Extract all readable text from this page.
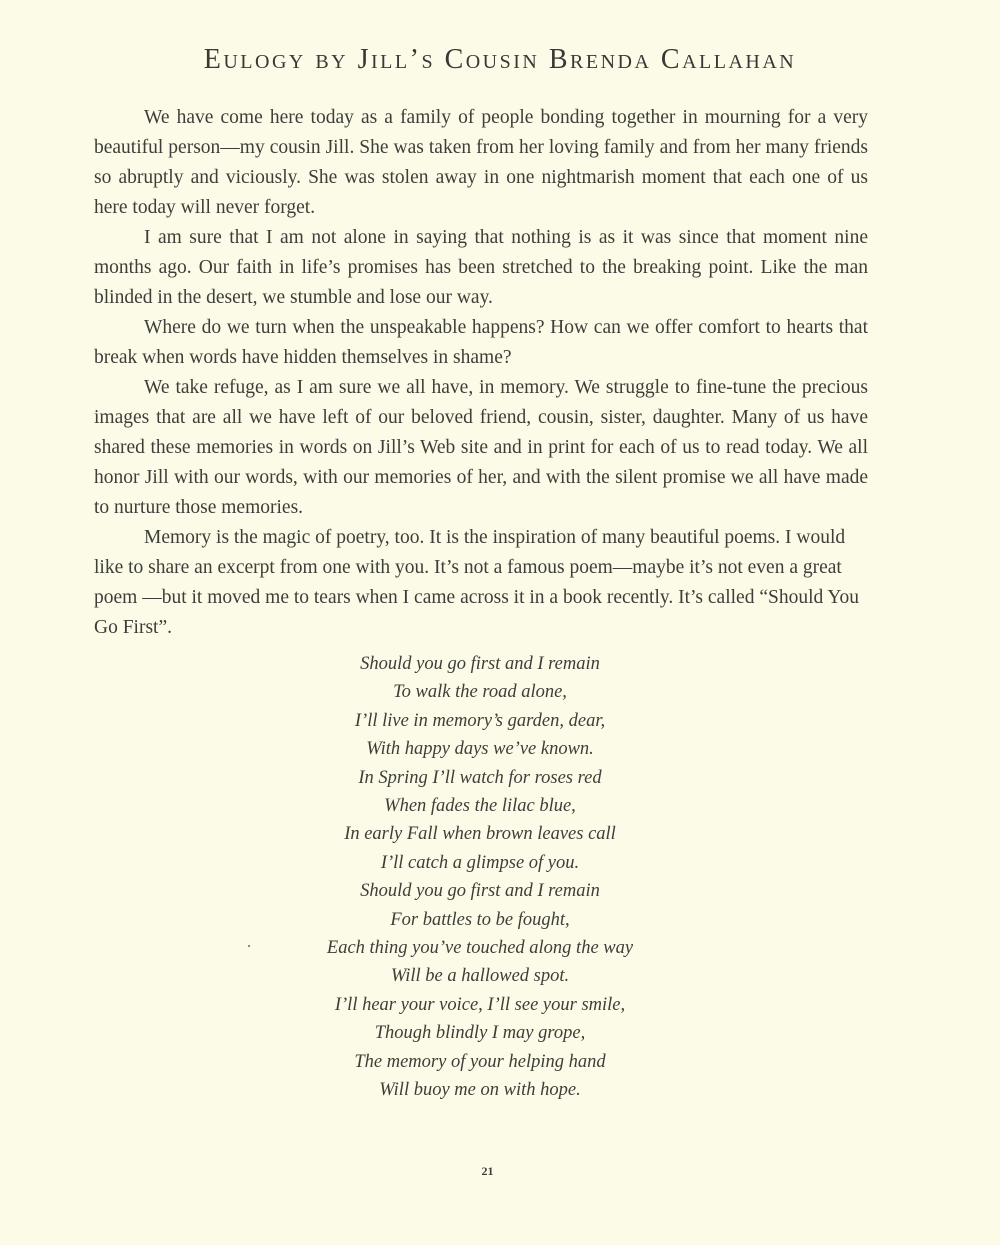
Eulogy by Jill’s Cousin Brenda Callahan

We have come here today as a family of people bonding together in mourning for a very beautiful person—my cousin Jill. She was taken from her loving family and from her many friends so abruptly and viciously. She was stolen away in one nightmarish moment that each one of us here today will never forget.

I am sure that I am not alone in saying that nothing is as it was since that moment nine months ago. Our faith in life’s promises has been stretched to the breaking point. Like the man blinded in the desert, we stumble and lose our way.

Where do we turn when the unspeakable happens? How can we offer comfort to hearts that break when words have hidden themselves in shame?

We take refuge, as I am sure we all have, in memory. We struggle to fine-tune the precious images that are all we have left of our beloved friend, cousin, sister, daughter. Many of us have shared these memories in words on Jill’s Web site and in print for each of us to read today. We all honor Jill with our words, with our memories of her, and with the silent promise we all have made to nurture those memories.

Memory is the magic of poetry, too. It is the inspiration of many beautiful poems. I would like to share an excerpt from one with you. It’s not a famous poem—maybe it’s not even a great poem —but it moved me to tears when I came across it in a book recently. It’s called “Should You Go First”.

Should you go first and I remain
To walk the road alone,
I’ll live in memory’s garden, dear,
With happy days we’ve known.
In Spring I’ll watch for roses red
When fades the lilac blue,
In early Fall when brown leaves call
I’ll catch a glimpse of you.
Should you go first and I remain
For battles to be fought,
Each thing you’ve touched along the way
Will be a hallowed spot.
I’ll hear your voice, I’ll see your smile,
Though blindly I may grope,
The memory of your helping hand
Will buoy me on with hope.
21
